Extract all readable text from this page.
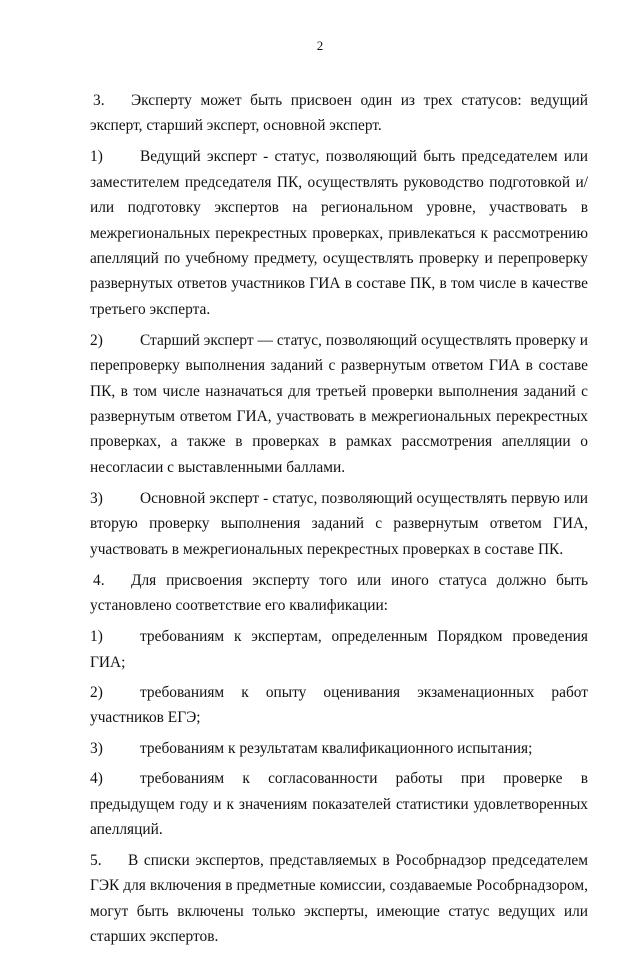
2

3. Эксперту может быть присвоен один из трех статусов: ведущий эксперт, старший эксперт, основной эксперт.

1) Ведущий эксперт - статус, позволяющий быть председателем или заместителем председателя ПК, осуществлять руководство подготовкой и/или подготовку экспертов на региональном уровне, участвовать в межрегиональных перекрестных проверках, привлекаться к рассмотрению апелляций по учебному предмету, осуществлять проверку и перепроверку развернутых ответов участников ГИА в составе ПК, в том числе в качестве третьего эксперта.

2) Старший эксперт — статус, позволяющий осуществлять проверку и перепроверку выполнения заданий с развернутым ответом ГИА в составе ПК, в том числе назначаться для третьей проверки выполнения заданий с развернутым ответом ГИА, участвовать в межрегиональных перекрестных проверках, а также в проверках в рамках рассмотрения апелляции о несогласии с выставленными баллами.

3) Основной эксперт - статус, позволяющий осуществлять первую или вторую проверку выполнения заданий с развернутым ответом ГИА, участвовать в межрегиональных перекрестных проверках в составе ПК.

4. Для присвоения эксперту того или иного статуса должно быть установлено соответствие его квалификации:

1) требованиям к экспертам, определенным Порядком проведения ГИА;

2) требованиям к опыту оценивания экзаменационных работ участников ЕГЭ;

3) требованиям к результатам квалификационного испытания;

4) требованиям к согласованности работы при проверке в предыдущем году и к значениям показателей статистики удовлетворенных апелляций.

5. В списки экспертов, представляемых в Рособрнадзор председателем ГЭК для включения в предметные комиссии, создаваемые Рособрнадзором, могут быть включены только эксперты, имеющие статус ведущих или старших экспертов.
